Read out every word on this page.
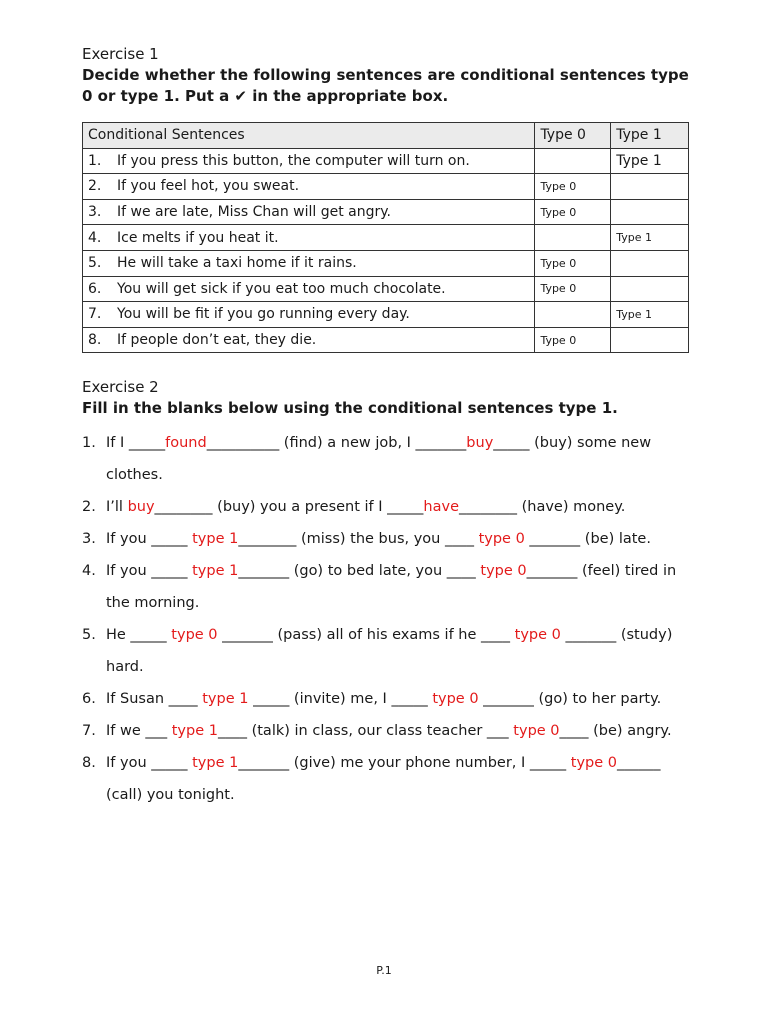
Exercise 1

Decide whether the following sentences are conditional sentences type 0 or type 1. Put a ✔ in the appropriate box.

Conditional Sentences	Type 0	Type 1
1. If you press this button, the computer will turn on.		Type 1
2. If you feel hot, you sweat.	Type 0	
3. If we are late, Miss Chan will get angry.	Type 0	
4. Ice melts if you heat it.		Type 1
5. He will take a taxi home if it rains.	Type 0	
6. You will get sick if you eat too much chocolate.	Type 0	
7. You will be fit if you go running every day.		Type 1
8. If people don’t eat, they die.	Type 0	

Exercise 2

Fill in the blanks below using the conditional sentences type 1.

1. If I _____found__________ (find) a new job, I _______buy_____ (buy) some new clothes.
2. I’ll buy________ (buy) you a present if I _____have________ (have) money.
3. If you _____ type 1________ (miss) the bus, you ____ type 0 _______ (be) late.
4. If you _____ type 1_______ (go) to bed late, you ____ type 0_______ (feel) tired in the morning.
5. He _____ type 0 _______ (pass) all of his exams if he ____ type 0 _______ (study) hard.
6. If Susan ____ type 1 _____ (invite) me, I _____ type 0 _______ (go) to her party.
7. If we ___ type 1____ (talk) in class, our class teacher ___ type 0____ (be) angry.
8. If you _____ type 1_______ (give) me your phone number, I _____ type 0______ (call) you tonight.
P.1
